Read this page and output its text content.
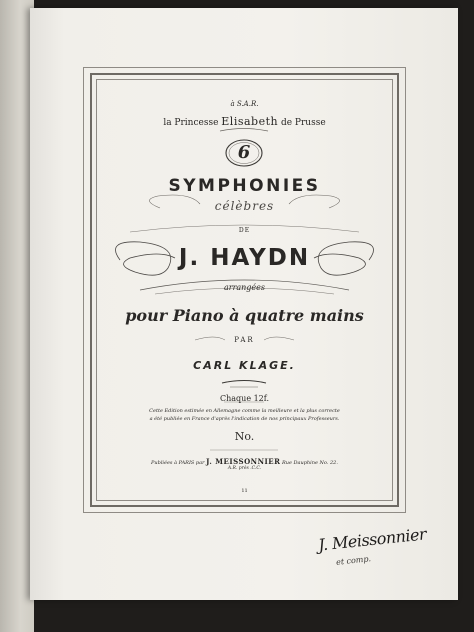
à S.A.R.
la Princesse Elisabeth de Prusse
6
SYMPHONIES
célèbres
DE
J. HAYDN
arrangées
pour Piano à quatre mains
PAR
CARL KLAGE.
Chaque 12f.
Cette Edition estimée en Allemagne comme la meilleure et la plus correcte
a été publiée en France d'après l'indication de nos principaux Professeurs.
No.
Publiées à PARIS par J. MEISSONNIER Rue Dauphine No. 22.
A.R. près .C.C.
11
J. Meissonnier
et comp.
